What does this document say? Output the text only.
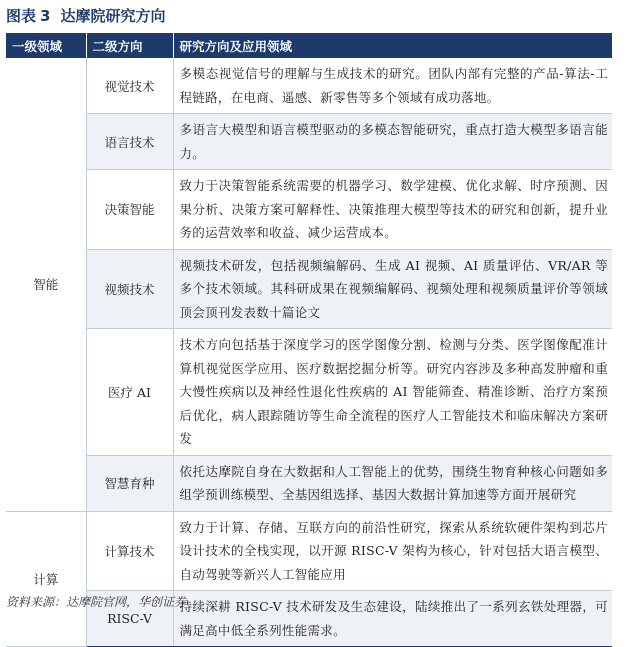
图表 3 达摩院研究方向
一级领域	二级方向	研究方向及应用领域
智能	视觉技术	多模态视觉信号的理解与生成技术的研究。团队内部有完整的产品-算法-工程链路，在电商、遥感、新零售等多个领域有成功落地。
	语言技术	多语言大模型和语言模型驱动的多模态智能研究，重点打造大模型多语言能力。
	决策智能	致力于决策智能系统需要的机器学习、数学建模、优化求解、时序预测、因果分析、决策方案可解释性、决策推理大模型等技术的研究和创新，提升业务的运营效率和收益、减少运营成本。
	视频技术	视频技术研发，包括视频编解码、生成 AI 视频、AI 质量评估、VR/AR 等多个技术领域。其科研成果在视频编解码、视频处理和视频质量评价等领域顶会顶刊发表数十篇论文
	医疗 AI	技术方向包括基于深度学习的医学图像分割、检测与分类、医学图像配准计算机视觉医学应用、医疗数据挖掘分析等。研究内容涉及多种高发肿瘤和重大慢性疾病以及神经性退化性疾病的 AI 智能筛查、精准诊断、治疗方案预后优化，病人跟踪随访等生命全流程的医疗人工智能技术和临床解决方案研发
	智慧育种	依托达摩院自身在大数据和人工智能上的优势，围绕生物育种核心问题如多组学预训练模型、全基因组选择、基因大数据计算加速等方面开展研究
计算	计算技术	致力于计算、存储、互联方向的前沿性研究，探索从系统软硬件架构到芯片设计技术的全栈实现，以开源 RISC-V 架构为核心，针对包括大语言模型、自动驾驶等新兴人工智能应用
	RISC-V	持续深耕 RISC-V 技术研发及生态建设，陆续推出了一系列玄铁处理器，可满足高中低全系列性能需求。
资料来源：达摩院官网，华创证券
